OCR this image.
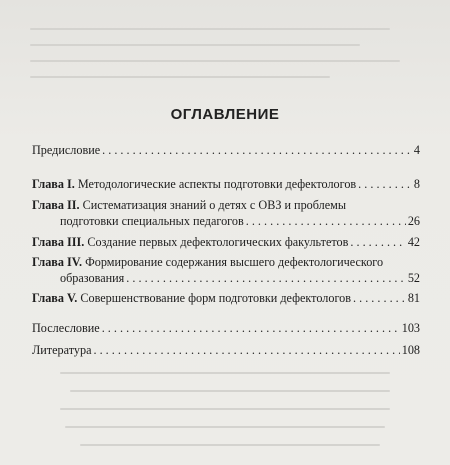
ОГЛАВЛЕНИЕ
Предисловие . . .	4
Глава I. Методологические аспекты подготовки дефектологов . . .	8
Глава II. Систематизация знаний о детях с ОВЗ и проблемы
подготовки специальных педагогов . . .	26
Глава III. Создание первых дефектологических факультетов . . .	42
Глава IV. Формирование содержания высшего дефектологического
образования . . .	52
Глава V. Совершенствование форм подготовки дефектологов . . .	81
Послесловие . . .	103
Литература . . .	108
